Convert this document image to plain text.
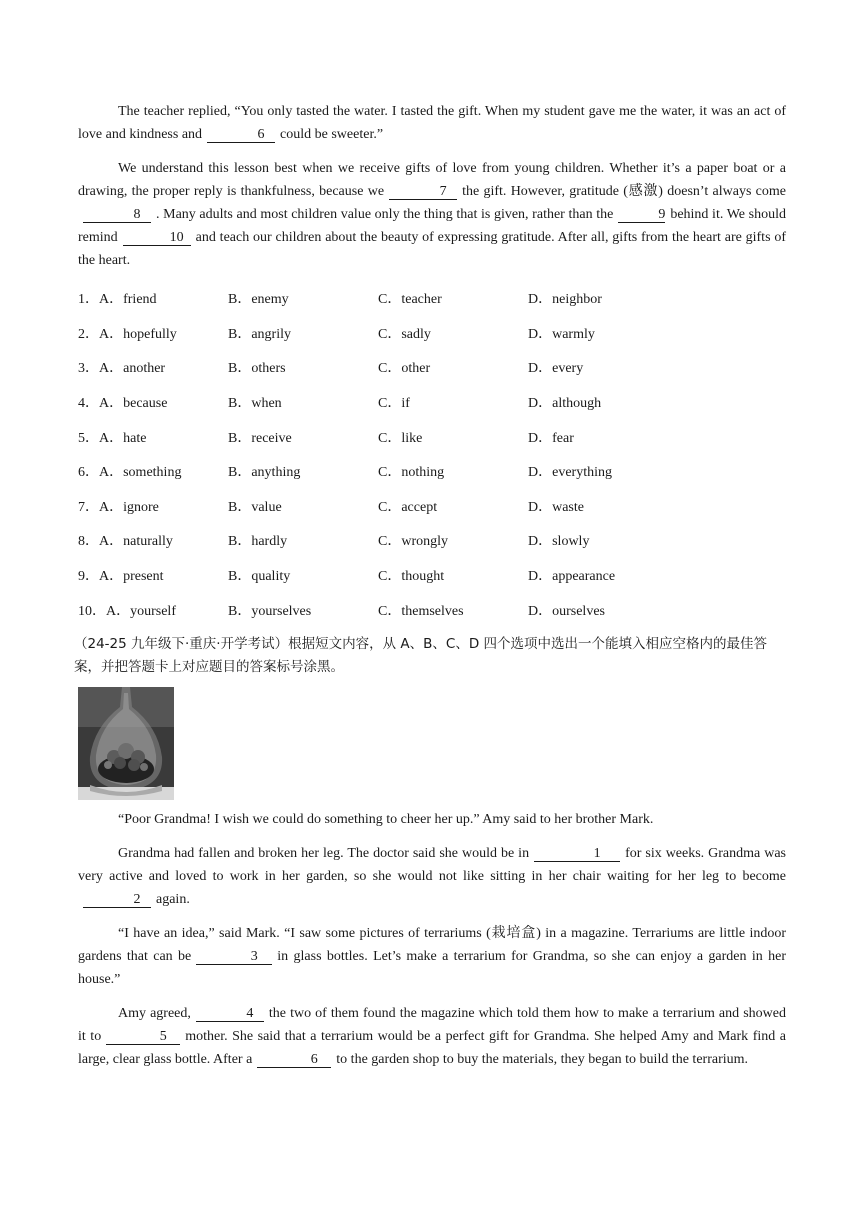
The teacher replied, “You only tasted the water. I tasted the gift. When my student gave me the water, it was an act of love and kindness and	6 could be sweeter.”

We understand this lesson best when we receive gifts of love from young children. Whether it’s a paper boat or a drawing, the proper reply is thankfulness, because we	7 the gift. However, gratitude (感激) doesn’t always come8 . Many adults and most children value only the thing that is given, rather than the	9 behind it. We should remind	10 and teach our children about the beauty of expressing gratitude. After all, gifts from the heart are gifts of the heart.

1．A．friend	B．enemy	C．teacher	D．neighbor
2．A．hopefully	B．angrily	C．sadly	D．warmly
3．A．another	B．others	C．other	D．every
4．A．because	B．when	C．if	D．although
5．A．hate	B．receive	C．like	D．fear
6．A．something	B．anything	C．nothing	D．everything
7．A．ignore	B．value	C．accept	D．waste
8．A．naturally	B．hardly	C．wrongly	D．slowly
9．A．present	B．quality	C．thought	D．appearance
10．A．yourself	B．yourselves	C．themselves	D．ourselves
（24-25 九年级下·重庆·开学考试）根据短文内容，从 A、B、C、D 四个选项中选出一个能填入相应空格内的最佳答案，并把答题卡上对应题目的答案标号涂黑。

“Poor Grandma! I wish we could do something to cheer her up.” Amy said to her brother Mark.

Grandma had fallen and broken her leg. The doctor said she would be in	1 for six weeks. Grandma was very active and loved to work in her garden, so she would not like sitting in her chair waiting for her leg to become2 again.

“I have an idea,” said Mark. “I saw some pictures of terrariums (栽培盒) in a magazine. Terrariums are little indoor gardens that can be	3 in glass bottles. Let’s make a terrarium for Grandma, so she can enjoy a garden in her house.”

Amy agreed,	4 the two of them found the magazine which told them how to make a terrarium and showed it to	5 mother. She said that a terrarium would be a perfect gift for Grandma. She helped Amy and Mark find a large, clear glass bottle. After a	6 to the garden shop to buy the materials, they began to build the terrarium.
